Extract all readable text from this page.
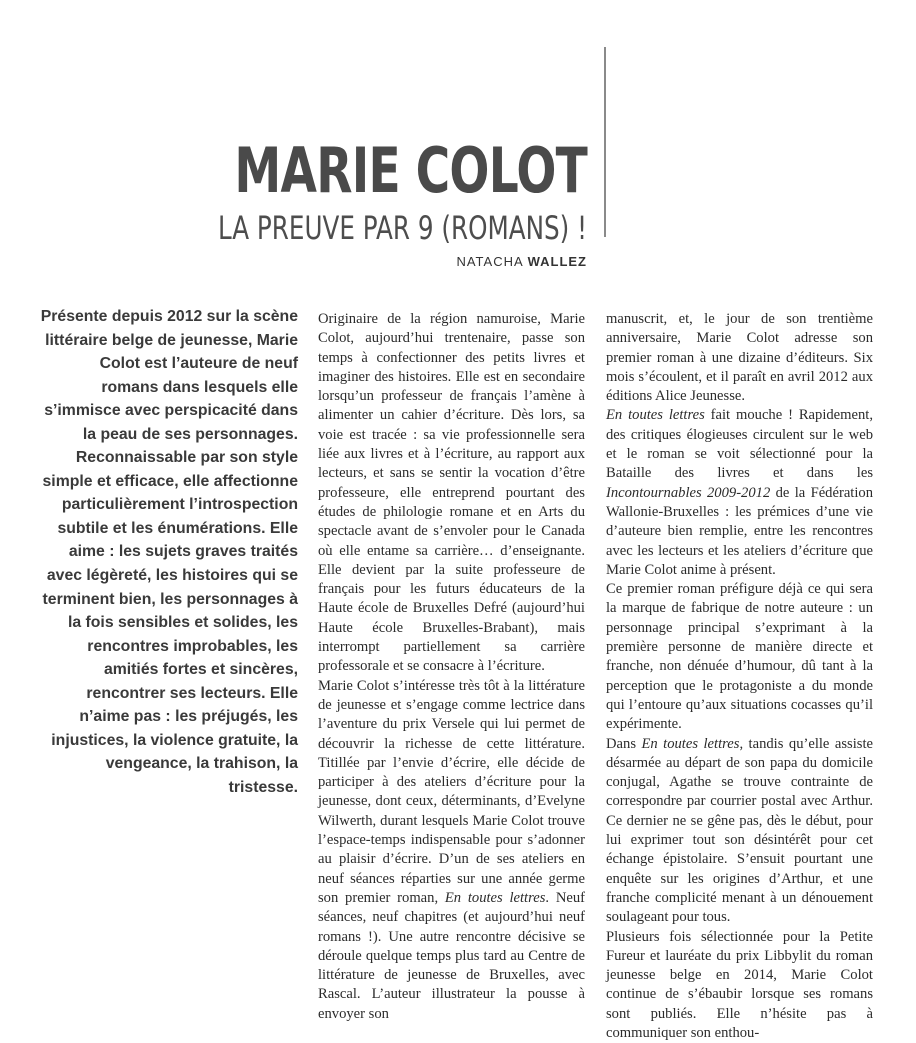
MARIE COLOT
LA PREUVE PAR 9 (ROMANS) !
NATACHA WALLEZ
Présente depuis 2012 sur la scène littéraire belge de jeunesse, Marie Colot est l’auteure de neuf romans dans lesquels elle s’immisce avec perspicacité dans la peau de ses personnages. Reconnaissable par son style simple et efficace, elle affectionne particulièrement l’introspection subtile et les énumérations. Elle aime : les sujets graves traités avec légèreté, les histoires qui se terminent bien, les personnages à la fois sensibles et solides, les rencontres improbables, les amitiés fortes et sincères, rencontrer ses lecteurs. Elle n’aime pas : les préjugés, les injustices, la violence gratuite, la vengeance, la trahison, la tristesse.

Originaire de la région namuroise, Marie Colot, aujourd’hui trentenaire, passe son temps à confectionner des petits livres et imaginer des histoires. Elle est en secondaire lorsqu’un professeur de français l’amène à alimenter un cahier d’écriture. Dès lors, sa voie est tracée : sa vie professionnelle sera liée aux livres et à l’écriture, au rapport aux lecteurs, et sans se sentir la vocation d’être professeure, elle entreprend pourtant des études de philologie romane et en Arts du spectacle avant de s’envoler pour le Canada où elle entame sa carrière… d’enseignante. Elle devient par la suite professeure de français pour les futurs éducateurs de la Haute école de Bruxelles Defré (aujourd’hui Haute école Bruxelles-Brabant), mais interrompt partiellement sa carrière professorale et se consacre à l’écriture.

Marie Colot s’intéresse très tôt à la littérature de jeunesse et s’engage comme lectrice dans l’aventure du prix Versele qui lui permet de découvrir la richesse de cette littérature. Titillée par l’envie d’écrire, elle décide de participer à des ateliers d’écriture pour la jeunesse, dont ceux, déterminants, d’Evelyne Wilwerth, durant lesquels Marie Colot trouve l’espace-temps indispensable pour s’adonner au plaisir d’écrire. D’un de ses ateliers en neuf séances réparties sur une année germe son premier roman, En toutes lettres. Neuf séances, neuf chapitres (et aujourd’hui neuf romans !). Une autre rencontre décisive se déroule quelque temps plus tard au Centre de littérature de jeunesse de Bruxelles, avec Rascal. L’auteur illustrateur la pousse à envoyer son

manuscrit, et, le jour de son trentième anniversaire, Marie Colot adresse son premier roman à une dizaine d’éditeurs. Six mois s’écoulent, et il paraît en avril 2012 aux éditions Alice Jeunesse.

En toutes lettres fait mouche ! Rapidement, des critiques élogieuses circulent sur le web et le roman se voit sélectionné pour la Bataille des livres et dans les Incontournables 2009-2012 de la Fédération Wallonie-Bruxelles : les prémices d’une vie d’auteure bien remplie, entre les rencontres avec les lecteurs et les ateliers d’écriture que Marie Colot anime à présent.

Ce premier roman préfigure déjà ce qui sera la marque de fabrique de notre auteure : un personnage principal s’exprimant à la première personne de manière directe et franche, non dénuée d’humour, dû tant à la perception que le protagoniste a du monde qui l’entoure qu’aux situations cocasses qu’il expérimente.

Dans En toutes lettres, tandis qu’elle assiste désarmée au départ de son papa du domicile conjugal, Agathe se trouve contrainte de correspondre par courrier postal avec Arthur. Ce dernier ne se gêne pas, dès le début, pour lui exprimer tout son désintérêt pour cet échange épistolaire. S’ensuit pourtant une enquête sur les origines d’Arthur, et une franche complicité menant à un dénouement soulageant pour tous.

Plusieurs fois sélectionnée pour la Petite Fureur et lauréate du prix Libbylit du roman jeunesse belge en 2014, Marie Colot continue de s’ébaubir lorsque ses romans sont publiés. Elle n’hésite pas à communiquer son enthou-
